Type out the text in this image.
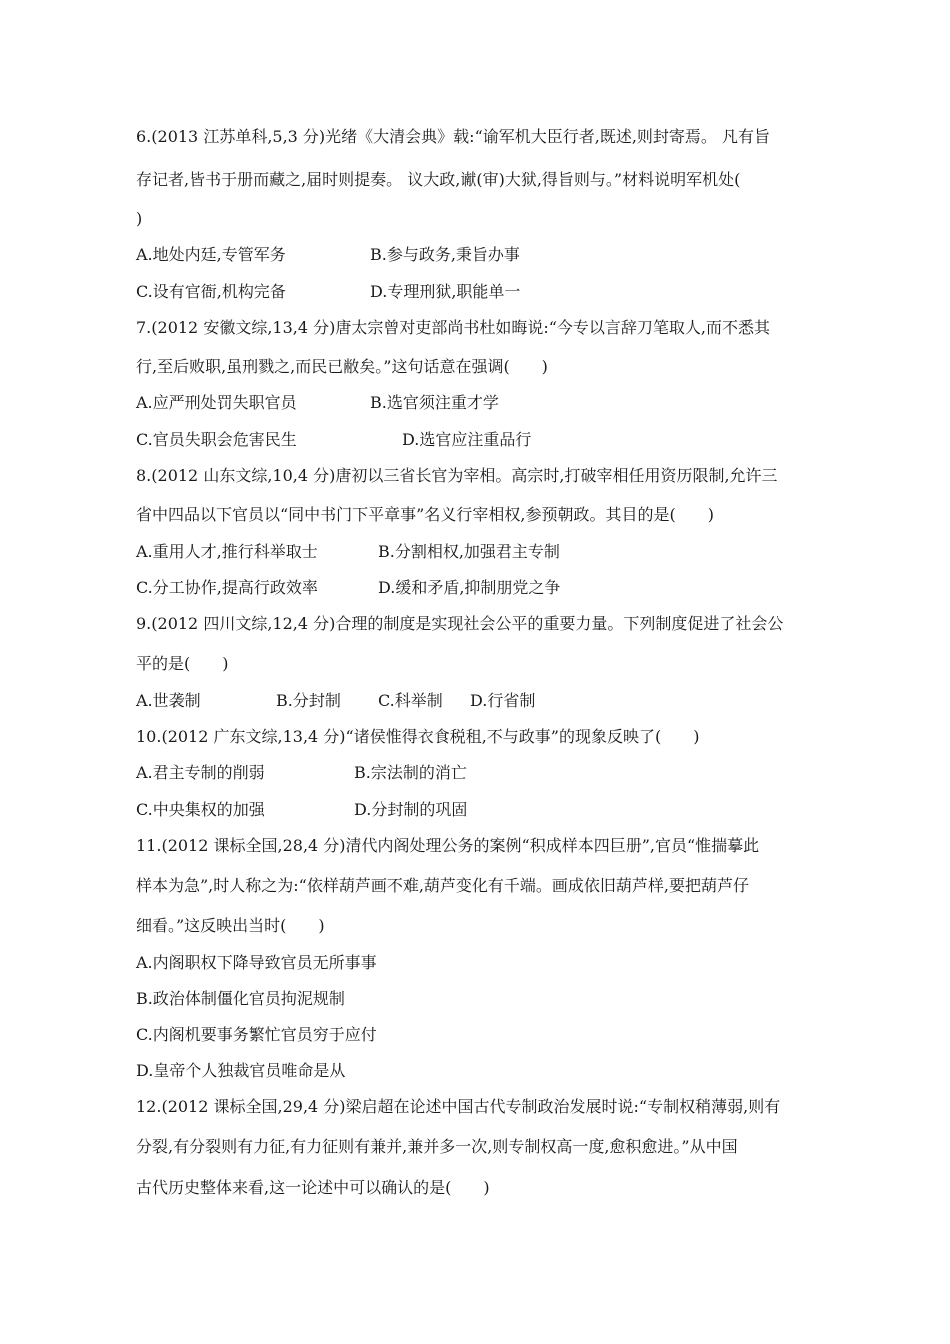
6.(2013 江苏单科,5,3 分)光绪《大清会典》载:“谕军机大臣行者,既述,则封寄焉。 凡有旨
存记者,皆书于册而藏之,届时则提奏。 议大政,谳(审)大狱,得旨则与。”材料说明军机处(
)
A.地处内廷,专管军务	B.参与政务,秉旨办事
C.设有官衙,机构完备	D.专理刑狱,职能单一
7.(2012 安徽文综,13,4 分)唐太宗曾对吏部尚书杜如晦说:“今专以言辞刀笔取人,而不悉其
行,至后败职,虽刑戮之,而民已敝矣。”这句话意在强调(　　)
A.应严刑处罚失职官员	B.选官须注重才学
C.官员失职会危害民生	D.选官应注重品行
8.(2012 山东文综,10,4 分)唐初以三省长官为宰相。高宗时,打破宰相任用资历限制,允许三
省中四品以下官员以“同中书门下平章事”名义行宰相权,参预朝政。其目的是(　　)
A.重用人才,推行科举取士	B.分割相权,加强君主专制
C.分工协作,提高行政效率	D.缓和矛盾,抑制朋党之争
9.(2012 四川文综,12,4 分)合理的制度是实现社会公平的重要力量。下列制度促进了社会公
平的是(　　)
A.世袭制	B.分封制 C.科举制 D.行省制
10.(2012 广东文综,13,4 分)“诸侯惟得衣食税租,不与政事”的现象反映了(　　)
A.君主专制的削弱	B.宗法制的消亡
C.中央集权的加强	D.分封制的巩固
11.(2012 课标全国,28,4 分)清代内阁处理公务的案例“积成样本四巨册”,官员“惟揣摹此
样本为急”,时人称之为:“依样葫芦画不难,葫芦变化有千端。画成依旧葫芦样,要把葫芦仔
细看。”这反映出当时(　　)
A.内阁职权下降导致官员无所事事
B.政治体制僵化官员拘泥规制
C.内阁机要事务繁忙官员穷于应付
D.皇帝个人独裁官员唯命是从
12.(2012 课标全国,29,4 分)梁启超在论述中国古代专制政治发展时说:“专制权稍薄弱,则有
分裂,有分裂则有力征,有力征则有兼并,兼并多一次,则专制权高一度,愈积愈进。”从中国
古代历史整体来看,这一论述中可以确认的是(　　)
